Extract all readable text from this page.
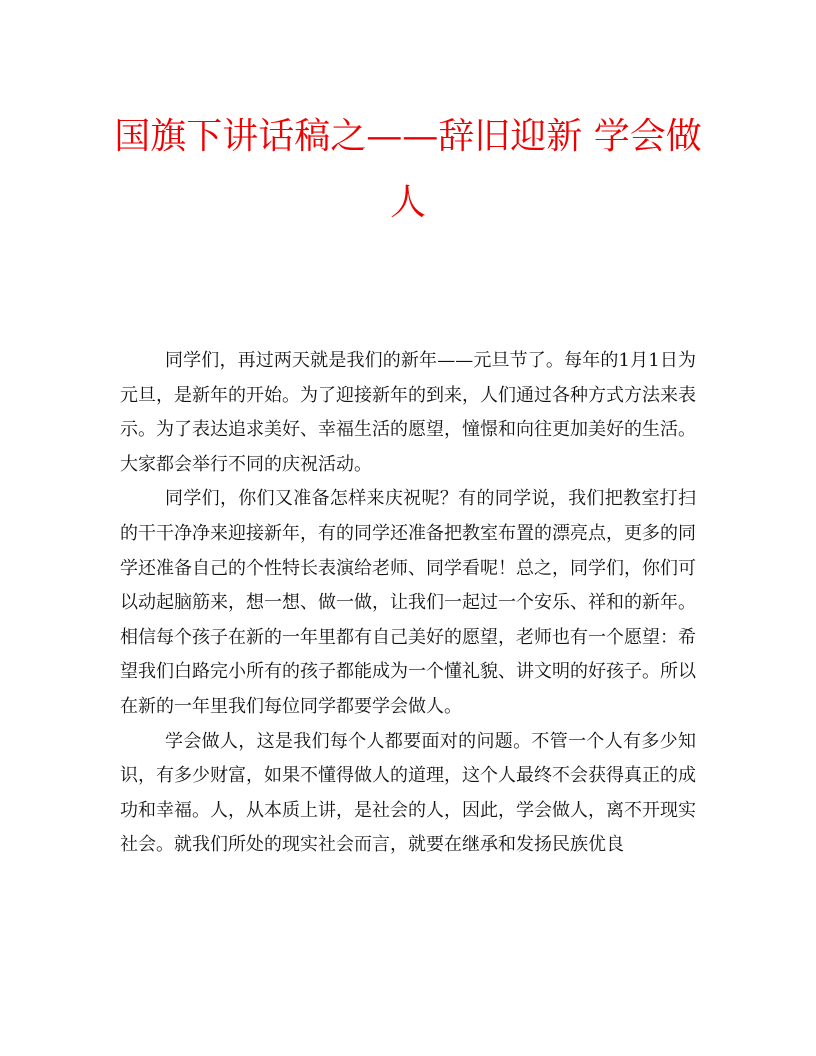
国旗下讲话稿之——辞旧迎新 学会做人

同学们，再过两天就是我们的新年——元旦节了。每年的1月1日为元旦，是新年的开始。为了迎接新年的到来，人们通过各种方式方法来表示。为了表达追求美好、幸福生活的愿望，憧憬和向往更加美好的生活。大家都会举行不同的庆祝活动。

同学们，你们又准备怎样来庆祝呢？有的同学说，我们把教室打扫的干干净净来迎接新年，有的同学还准备把教室布置的漂亮点，更多的同学还准备自己的个性特长表演给老师、同学看呢！总之，同学们，你们可以动起脑筋来，想一想、做一做，让我们一起过一个安乐、祥和的新年。相信每个孩子在新的一年里都有自己美好的愿望，老师也有一个愿望：希望我们白路完小所有的孩子都能成为一个懂礼貌、讲文明的好孩子。所以在新的一年里我们每位同学都要学会做人。

学会做人，这是我们每个人都要面对的问题。不管一个人有多少知识，有多少财富，如果不懂得做人的道理，这个人最终不会获得真正的成功和幸福。人，从本质上讲，是社会的人，因此，学会做人，离不开现实社会。就我们所处的现实社会而言，就要在继承和发扬民族优良
